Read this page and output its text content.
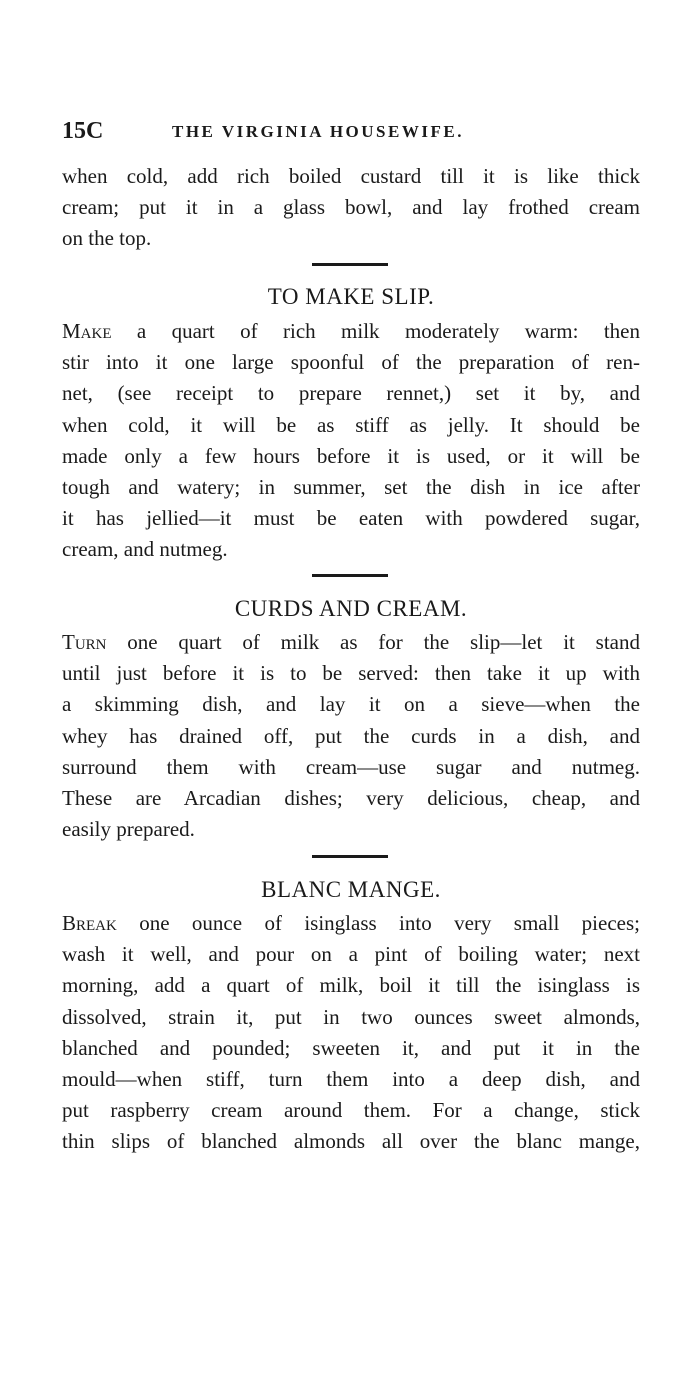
15C	THE VIRGINIA HOUSEWIFE.
when cold, add rich boiled custard till it is like thick
cream; put it in a glass bowl, and lay frothed cream
on the top.
TO MAKE SLIP.
Make a quart of rich milk moderately warm: then
stir into it one large spoonful of the preparation of ren-
net, (see receipt to prepare rennet,) set it by, and
when cold, it will be as stiff as jelly. It should be
made only a few hours before it is used, or it will be
tough and watery; in summer, set the dish in ice after
it has jellied—it must be eaten with powdered sugar,
cream, and nutmeg.
CURDS AND CREAM.
Turn one quart of milk as for the slip—let it stand
until just before it is to be served: then take it up with
a skimming dish, and lay it on a sieve—when the
whey has drained off, put the curds in a dish, and
surround them with cream—use sugar and nutmeg.
These are Arcadian dishes; very delicious, cheap, and
easily prepared.
BLANC MANGE.
Break one ounce of isinglass into very small pieces;
wash it well, and pour on a pint of boiling water; next
morning, add a quart of milk, boil it till the isinglass is
dissolved, strain it, put in two ounces sweet almonds,
blanched and pounded; sweeten it, and put it in the
mould—when stiff, turn them into a deep dish, and
put raspberry cream around them. For a change, stick
thin slips of blanched almonds all over the blanc mange,
